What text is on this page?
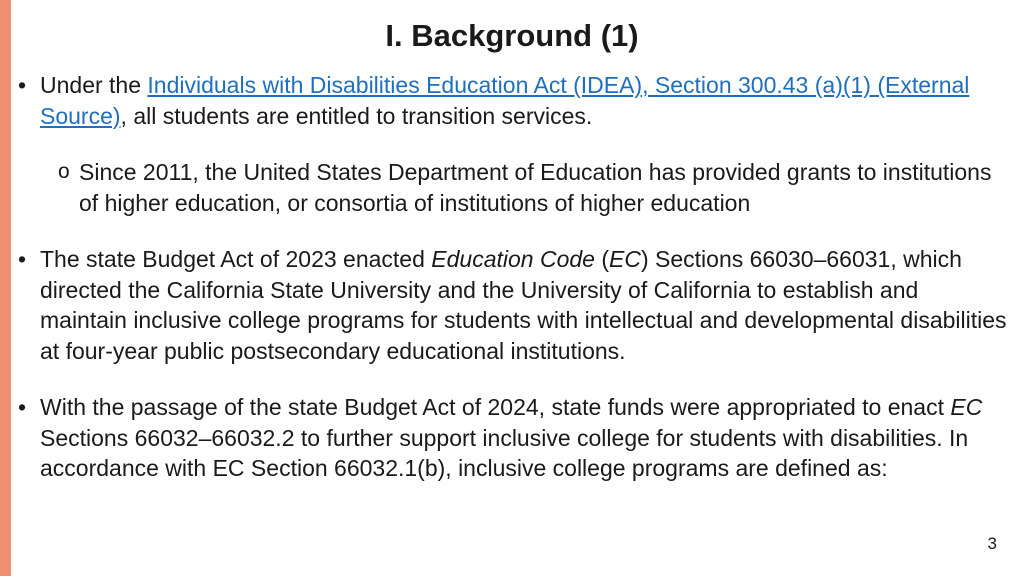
I. Background (1)

• Under the Individuals with Disabilities Education Act (IDEA), Section 300.43 (a)(1) (External Source), all students are entitled to transition services.

o Since 2011, the United States Department of Education has provided grants to institutions of higher education, or consortia of institutions of higher education

• The state Budget Act of 2023 enacted Education Code (EC) Sections 66030–66031, which directed the California State University and the University of California to establish and maintain inclusive college programs for students with intellectual and developmental disabilities at four-year public postsecondary educational institutions.

• With the passage of the state Budget Act of 2024, state funds were appropriated to enact EC Sections 66032–66032.2 to further support inclusive college for students with disabilities. In accordance with EC Section 66032.1(b), inclusive college programs are defined as:

3
